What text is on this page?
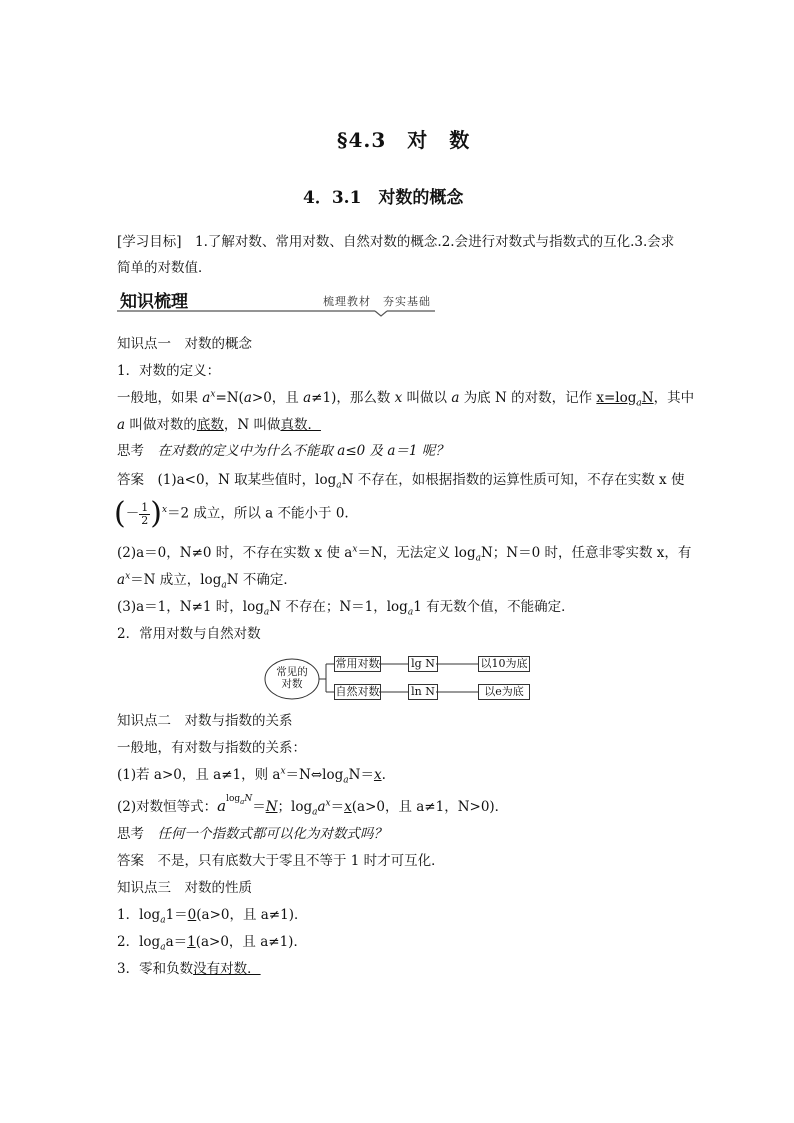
§4.3　对　数
4．3.1　对数的概念
[学习目标]　 1.了解对数、常用对数、自然对数的概念.2.会进行对数式与指数式的互化.3.会求
简单的对数值．
知识梳理	梳理教材　夯实基础
知识点一　对数的概念
1．对数的定义：
一般地，如果 $a^x=N(a>0$，且 a≠1)，那么数 x 叫做以 a 为底 N 的对数，记作 $x=\log_aN$，其中
a 叫做对数的底数，N 叫做真数．
思考　 在对数的定义中为什么不能取 a≤0 及 a＝1 呢？
答案　 (1)a<0，N 取某些值时，$\log_aN$ 不存在，如根据指数的运算性质可知，不存在实数 x 使
(－ $\frac{1}{2} )^x=2$ 成立，所以 a 不能小于 0.
(2)a＝0，N≠0 时，不存在实数 x 使 $a^x=N$，无法定义 $\log_aN$；N＝0 时，任意非零实数 x，有
$a^x=N$ 成立，$\log_aN$ 不确定．
(3)a＝1，N≠1 时，$\log_aN$ 不存在；N＝1，$\log_a1$ 有无数个值，不能确定．
2．常用对数与自然对数
常见的
对数
常用对数	lg N	以10为底
自然对数	ln N	以e为底
知识点二　对数与指数的关系
一般地，有对数与指数的关系：
(1)若 a>0，且 a≠1，则 $a^x=N\Leftrightarrow\log_aN=x$.
(2)对数恒等式：$a^{log_aN}=N$；$\log_aa^x=x(a>0$，且 a≠1，N>0)．
思考　 任何一个指数式都可以化为对数式吗？
答案　 不是，只有底数大于零且不等于 1 时才可互化．
知识点三　对数的性质
1．$\log_a1=0(a>0$，且 a≠1)．
2．$\log_aa=1(a>0$，且 a≠1)．
3．零和负数没有对数．
